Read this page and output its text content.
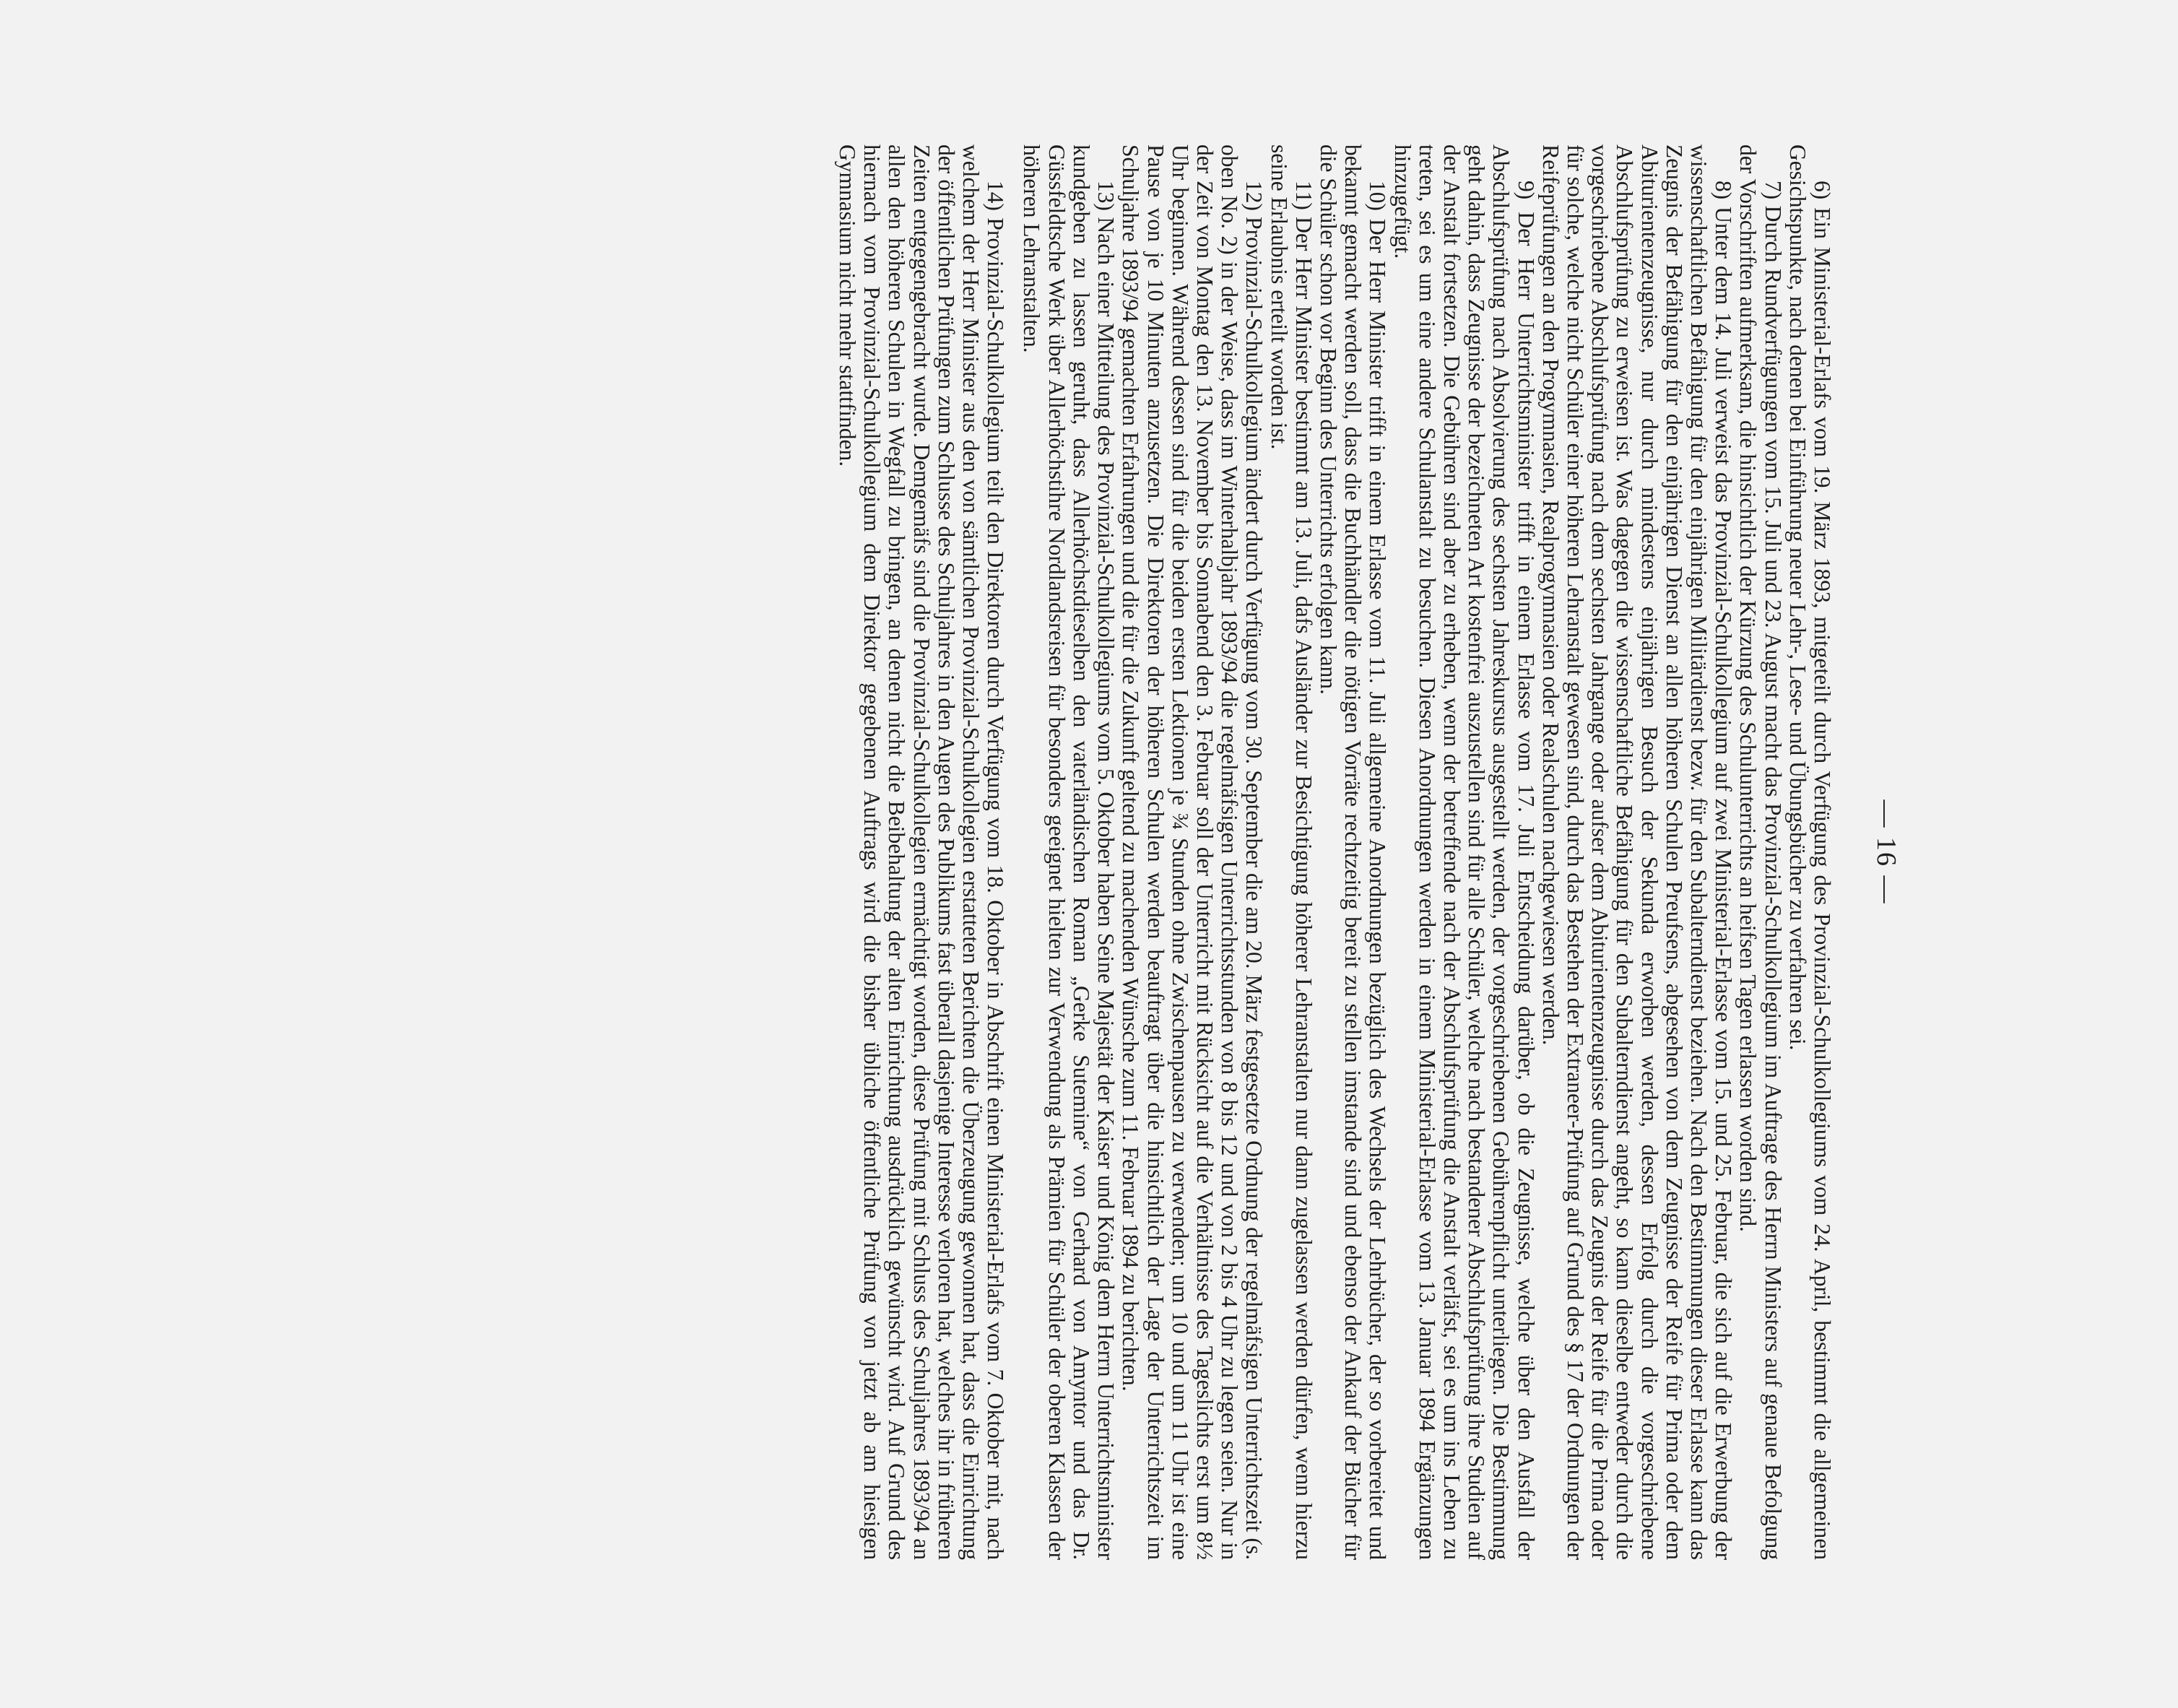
— 16 —

6) Ein Ministerial-Erlafs vom 19. März 1893, mitgeteilt durch Verfügung des Provinzial-Schulkollegiums vom 24. April, bestimmt die allgemeinen Gesichtspunkte, nach denen bei Einführung neuer Lehr-, Lese- und Übungsbücher zu verfahren sei.

7) Durch Rundverfügungen vom 15. Juli und 23. August macht das Provinzial-Schulkollegium im Auftrage des Herrn Ministers auf genaue Befolgung der Vorschriften aufmerksam, die hinsichtlich der Kürzung des Schulunterrichts an heifsen Tagen erlassen worden sind.

8) Unter dem 14. Juli verweist das Provinzial-Schulkollegium auf zwei Ministerial-Erlasse vom 15. und 25. Februar, die sich auf die Erwerbung der wissenschaftlichen Befähigung für den einjährigen Militärdienst bezw. für den Subalterndienst beziehen. Nach den Bestimmungen dieser Erlasse kann das Zeugnis der Befähigung für den einjährigen Dienst an allen höheren Schulen Preufsens, abgesehen von dem Zeugnisse der Reife für Prima oder dem Abiturientenzeugnisse, nur durch mindestens einjährigen Besuch der Sekunda erworben werden, dessen Erfolg durch die vorgeschriebene Abschlufsprüfung zu erweisen ist. Was dagegen die wissenschaftliche Befähigung für den Subalterndienst angeht, so kann dieselbe entweder durch die vorgeschriebene Abschlufsprüfung nach dem sechsten Jahrgange oder aufser dem Abiturientenzeugnisse durch das Zeugnis der Reife für die Prima oder für solche, welche nicht Schüler einer höheren Lehranstalt gewesen sind, durch das Bestehen der Extraneer-Prüfung auf Grund des § 17 der Ordnungen der Reifeprüfungen an den Progymnasien, Realprogymnasien oder Realschulen nachgewiesen werden.

9) Der Herr Unterrichtsminister trifft in einem Erlasse vom 17. Juli Entscheidung darüber, ob die Zeugnisse, welche über den Ausfall der Abschlufsprüfung nach Absolvierung des sechsten Jahreskursus ausgestellt werden, der vorgeschriebenen Gebührenpflicht unterliegen. Die Bestimmung geht dahin, dass Zeugnisse der bezeichneten Art kostenfrei auszustellen sind für alle Schüler, welche nach bestandener Abschlufsprüfung ihre Studien auf der Anstalt fortsetzen. Die Gebühren sind aber zu erheben, wenn der betreffende nach der Abschlufsprüfung die Anstalt verläfst, sei es um ins Leben zu treten, sei es um eine andere Schulanstalt zu besuchen. Diesen Anordnungen werden in einem Ministerial-Erlasse vom 13. Januar 1894 Ergänzungen hinzugefügt.

10) Der Herr Minister trifft in einem Erlasse vom 11. Juli allgemeine Anordnungen bezüglich des Wechsels der Lehrbücher, der so vorbereitet und bekannt gemacht werden soll, dass die Buchhändler die nötigen Vorräte rechtzeitig bereit zu stellen imstande sind und ebenso der Ankauf der Bücher für die Schüler schon vor Beginn des Unterrichts erfolgen kann.

11) Der Herr Minister bestimmt am 13. Juli, dafs Ausländer zur Besichtigung höherer Lehranstalten nur dann zugelassen werden dürfen, wenn hierzu seine Erlaubnis erteilt worden ist.

12) Provinzial-Schulkollegium ändert durch Verfügung vom 30. September die am 20. März festgesetzte Ordnung der regelmäfsigen Unterrichtszeit (s. oben No. 2) in der Weise, dass im Winterhalbjahr 1893/94 die regelmäfsigen Unterrichtsstunden von 8 bis 12 und von 2 bis 4 Uhr zu legen seien. Nur in der Zeit von Montag den 13. November bis Sonnabend den 3. Februar soll der Unterricht mit Rücksicht auf die Verhältnisse des Tageslichts erst um 8½ Uhr beginnen. Während dessen sind für die beiden ersten Lektionen je ¾ Stunden ohne Zwischenpausen zu verwenden; um 10 und um 11 Uhr ist eine Pause von je 10 Minuten anzusetzen. Die Direktoren der höheren Schulen werden beauftragt über die hinsichtlich der Lage der Unterrichtszeit im Schuljahre 1893/94 gemachten Erfahrungen und die für die Zukunft geltend zu machenden Wünsche zum 11. Februar 1894 zu berichten.

13) Nach einer Mitteilung des Provinzial-Schulkollegiums vom 5. Oktober haben Seine Majestät der Kaiser und König dem Herrn Unterrichtsminister kundgeben zu lassen geruht, dass Allerhöchstdieselben den vaterländischen Roman „Gerke Sutemine“ von Gerhard von Amyntor und das Dr. Güssfeldtsche Werk über Allerhöchstihre Nordlandsreisen für besonders geeignet hielten zur Verwendung als Prämien für Schüler der oberen Klassen der höheren Lehranstalten.

14) Provinzial-Schulkollegium teilt den Direktoren durch Verfügung vom 18. Oktober in Abschrift einen Ministerial-Erlafs vom 7. Oktober mit, nach welchem der Herr Minister aus den von sämtlichen Provinzial-Schulkollegien erstatteten Berichten die Überzeugung gewonnen hat, dass die Einrichtung der öffentlichen Prüfungen zum Schlusse des Schuljahres in den Augen des Publikums fast überall dasjenige Interesse verloren hat, welches ihr in früheren Zeiten entgegengebracht wurde. Demgemäfs sind die Provinzial-Schulkollegien ermächtigt worden, diese Prüfung mit Schluss des Schuljahres 1893/94 an allen den höheren Schulen in Wegfall zu bringen, an denen nicht die Beibehaltung der alten Einrichtung ausdrücklich gewünscht wird. Auf Grund des hiernach vom Provinzial-Schulkollegium dem Direktor gegebenen Auftrags wird die bisher übliche öffentliche Prüfung von jetzt ab am hiesigen Gymnasium nicht mehr stattfinden.
